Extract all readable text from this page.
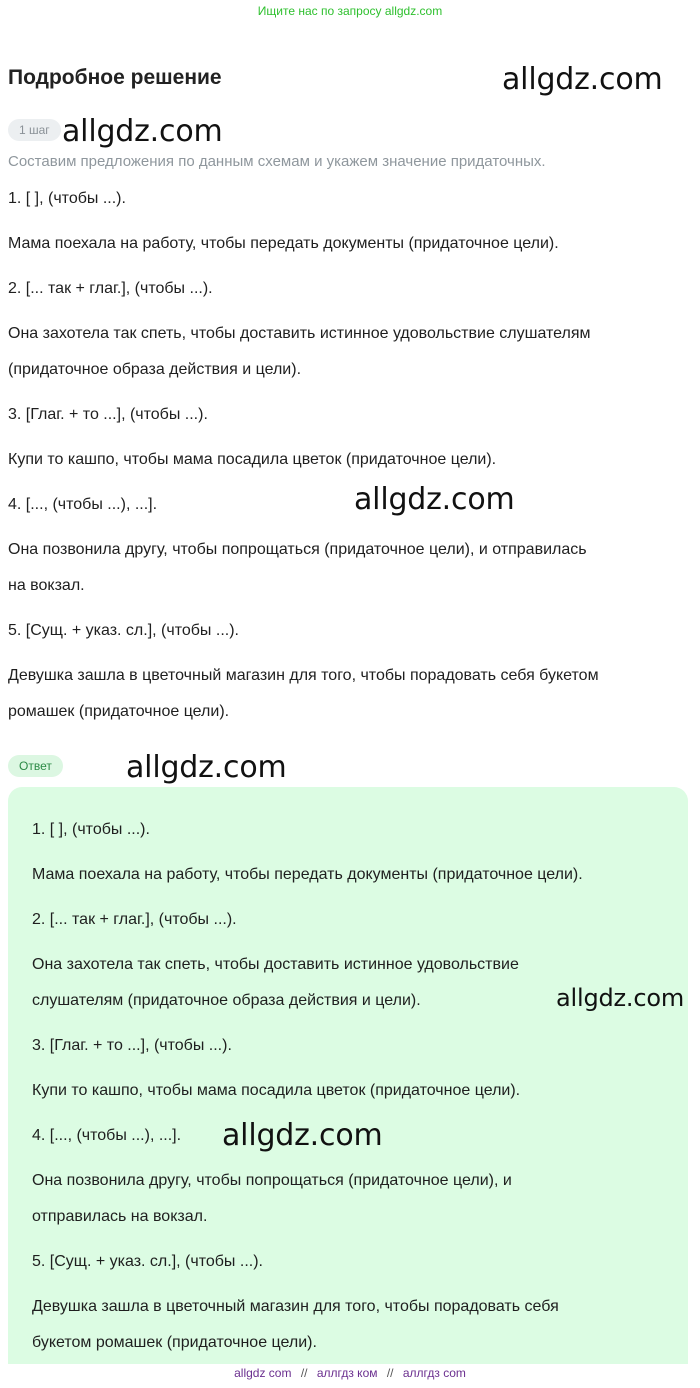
Ищите нас по запросу allgdz.com
Подробное решение	allgdz.com
1 шаг allgdz.com
Составим предложения по данным схемам и укажем значение придаточных.
1. [ ], (чтобы ...).
Мама поехала на работу, чтобы передать документы (придаточное цели).
2. [... так + глаг.], (чтобы ...).
Она захотела так спеть, чтобы доставить истинное удовольствие слушателям
(придаточное образа действия и цели).
3. [Глаг. + то ...], (чтобы ...).
Купи то кашпо, чтобы мама посадила цветок (придаточное цели).
4. [..., (чтобы ...), ...].	allgdz.com
Она позвонила другу, чтобы попрощаться (придаточное цели), и отправилась
на вокзал.
5. [Сущ. + указ. сл.], (чтобы ...).
Девушка зашла в цветочный магазин для того, чтобы порадовать себя букетом
ромашек (придаточное цели).
Ответ	allgdz.com
1. [ ], (чтобы ...).
Мама поехала на работу, чтобы передать документы (придаточное цели).
2. [... так + глаг.], (чтобы ...).
Она захотела так спеть, чтобы доставить истинное удовольствие
слушателям (придаточное образа действия и цели).	allgdz.com
3. [Глаг. + то ...], (чтобы ...).
Купи то кашпо, чтобы мама посадила цветок (придаточное цели).
4. [..., (чтобы ...), ...]. allgdz.com
Она позвонила другу, чтобы попрощаться (придаточное цели), и
отправилась на вокзал.
5. [Сущ. + указ. сл.], (чтобы ...).
Девушка зашла в цветочный магазин для того, чтобы порадовать себя
букетом ромашек (придаточное цели).
allgdz com // аллгдз ком // аллгдз com
